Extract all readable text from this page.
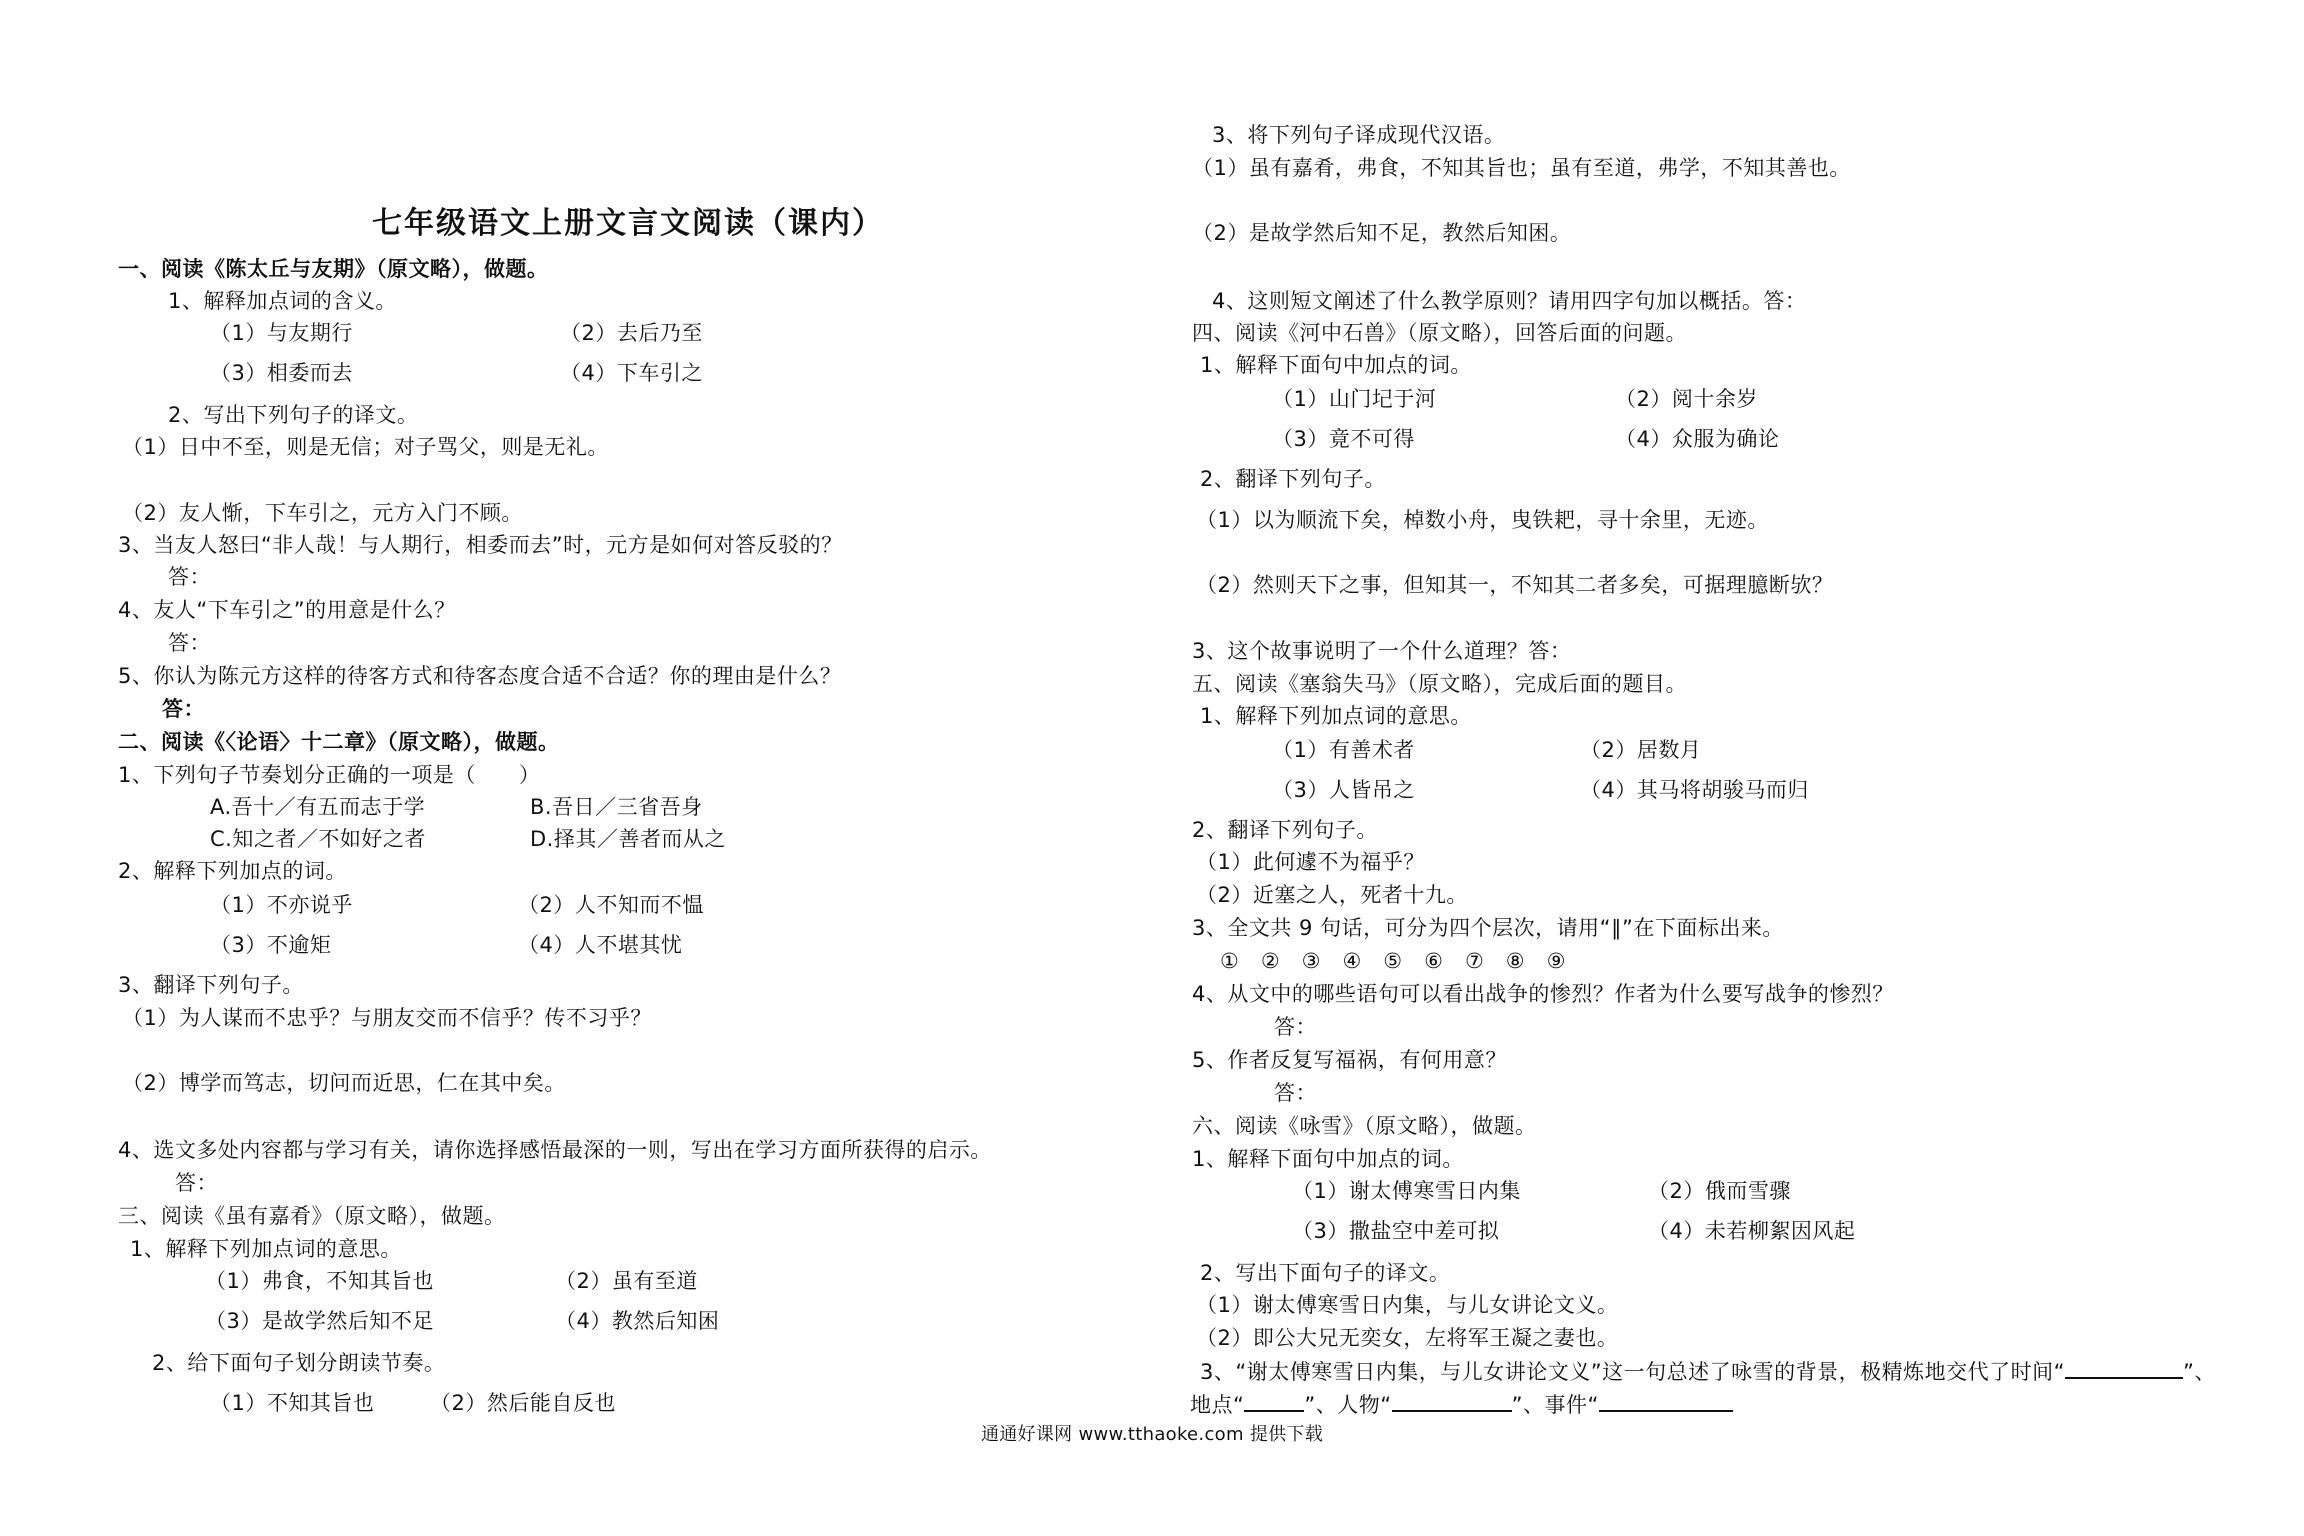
七年级语文上册文言文阅读（课内）
一、阅读《陈太丘与友期》（原文略），做题。
1、解释加点词的含义。
（1）与友期行	（2）去后乃至
（3）相委而去	（4）下车引之
2、写出下列句子的译文。
（1）日中不至，则是无信；对子骂父，则是无礼。
（2）友人惭，下车引之，元方入门不顾。
3、当友人怒曰“非人哉！与人期行，相委而去”时，元方是如何对答反驳的？
答：
4、友人“下车引之”的用意是什么？
答：
5、你认为陈元方这样的待客方式和待客态度合适不合适？你的理由是什么？
答：
二、阅读《〈论语〉十二章》（原文略），做题。
1、下列句子节奏划分正确的一项是（　　）
A.吾十／有五而志于学	B.吾日／三省吾身
C.知之者／不如好之者	D.择其／善者而从之
2、解释下列加点的词。
（1）不亦说乎	（2）人不知而不愠
（3）不逾矩	（4）人不堪其忧
3、翻译下列句子。
（1）为人谋而不忠乎？与朋友交而不信乎？传不习乎？
（2）博学而笃志，切问而近思，仁在其中矣。
4、选文多处内容都与学习有关，请你选择感悟最深的一则，写出在学习方面所获得的启示。
答：
三、阅读《虽有嘉肴》（原文略），做题。
1、解释下列加点词的意思。
（1）弗食，不知其旨也	（2）虽有至道
（3）是故学然后知不足	（4）教然后知困
2、给下面句子划分朗读节奏。
（1）不知其旨也	（2）然后能自反也
3、将下列句子译成现代汉语。
（1）虽有嘉肴，弗食，不知其旨也；虽有至道，弗学，不知其善也。
（2）是故学然后知不足，教然后知困。
4、这则短文阐述了什么教学原则？请用四字句加以概括。答：
四、阅读《河中石兽》（原文略），回答后面的问题。
1、解释下面句中加点的词。
（1）山门圮于河	（2）阅十余岁
（3）竟不可得	（4）众服为确论
2、翻译下列句子。
（1）以为顺流下矣，棹数小舟，曳铁耙，寻十余里，无迹。
（2）然则天下之事，但知其一，不知其二者多矣，可据理臆断欤？
3、这个故事说明了一个什么道理？答：
五、阅读《塞翁失马》（原文略），完成后面的题目。
1、解释下列加点词的意思。
（1）有善术者	（2）居数月
（3）人皆吊之	（4）其马将胡骏马而归
2、翻译下列句子。
（1）此何遽不为福乎？
（2）近塞之人，死者十九。
3、全文共 9 句话，可分为四个层次，请用“∥”在下面标出来。
①　②　③　④　⑤　⑥　⑦　⑧　⑨
4、从文中的哪些语句可以看出战争的惨烈？作者为什么要写战争的惨烈？
答：
5、作者反复写福祸，有何用意？
答：
六、阅读《咏雪》（原文略），做题。
1、解释下面句中加点的词。
（1）谢太傅寒雪日内集	（2）俄而雪骤
（3）撒盐空中差可拟	（4）未若柳絮因风起
2、写出下面句子的译文。
（1）谢太傅寒雪日内集，与儿女讲论文义。
（2）即公大兄无奕女，左将军王凝之妻也。
3、“谢太傅寒雪日内集，与儿女讲论文义”这一句总述了咏雪的背景，极精炼地交代了时间“	”、
地点“	”、人物“	”、事件“
通通好课网 www.tthaoke.com 提供下载
